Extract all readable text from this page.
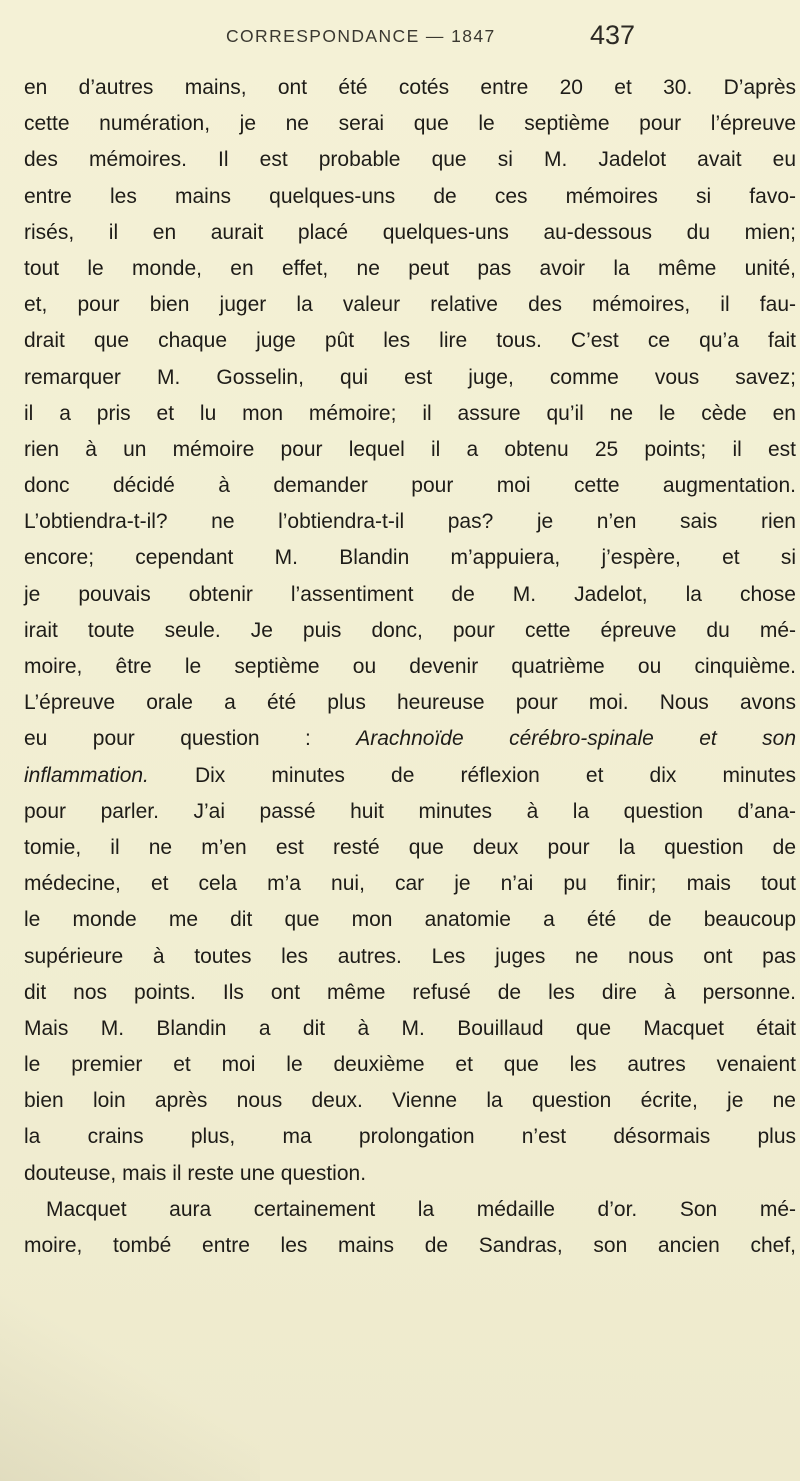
CORRESPONDANCE — 1847	437
en d’autres mains, ont été cotés entre 20 et 30. D’après
cette numération, je ne serai que le septième pour l’épreuve
des mémoires. Il est probable que si M. Jadelot avait eu
entre les mains quelques-uns de ces mémoires si favo-
risés, il en aurait placé quelques-uns au-dessous du mien;
tout le monde, en effet, ne peut pas avoir la même unité,
et, pour bien juger la valeur relative des mémoires, il fau-
drait que chaque juge pût les lire tous. C’est ce qu’a fait
remarquer M. Gosselin, qui est juge, comme vous savez;
il a pris et lu mon mémoire; il assure qu’il ne le cède en
rien à un mémoire pour lequel il a obtenu 25 points; il est
donc décidé à demander pour moi cette augmentation.
L’obtiendra-t-il? ne l’obtiendra-t-il pas? je n’en sais rien
encore; cependant M. Blandin m’appuiera, j’espère, et si
je pouvais obtenir l’assentiment de M. Jadelot, la chose
irait toute seule. Je puis donc, pour cette épreuve du mé-
moire, être le septième ou devenir quatrième ou cinquième.
L’épreuve orale a été plus heureuse pour moi. Nous avons
eu pour question : Arachnoïde cérébro-spinale et son
inflammation. Dix minutes de réflexion et dix minutes
pour parler. J’ai passé huit minutes à la question d’ana-
tomie, il ne m’en est resté que deux pour la question de
médecine, et cela m’a nui, car je n’ai pu finir; mais tout
le monde me dit que mon anatomie a été de beaucoup
supérieure à toutes les autres. Les juges ne nous ont pas
dit nos points. Ils ont même refusé de les dire à personne.
Mais M. Blandin a dit à M. Bouillaud que Macquet était
le premier et moi le deuxième et que les autres venaient
bien loin après nous deux. Vienne la question écrite, je ne
la crains plus, ma prolongation n’est désormais plus
douteuse, mais il reste une question.
Macquet aura certainement la médaille d’or. Son mé-
moire, tombé entre les mains de Sandras, son ancien chef,
